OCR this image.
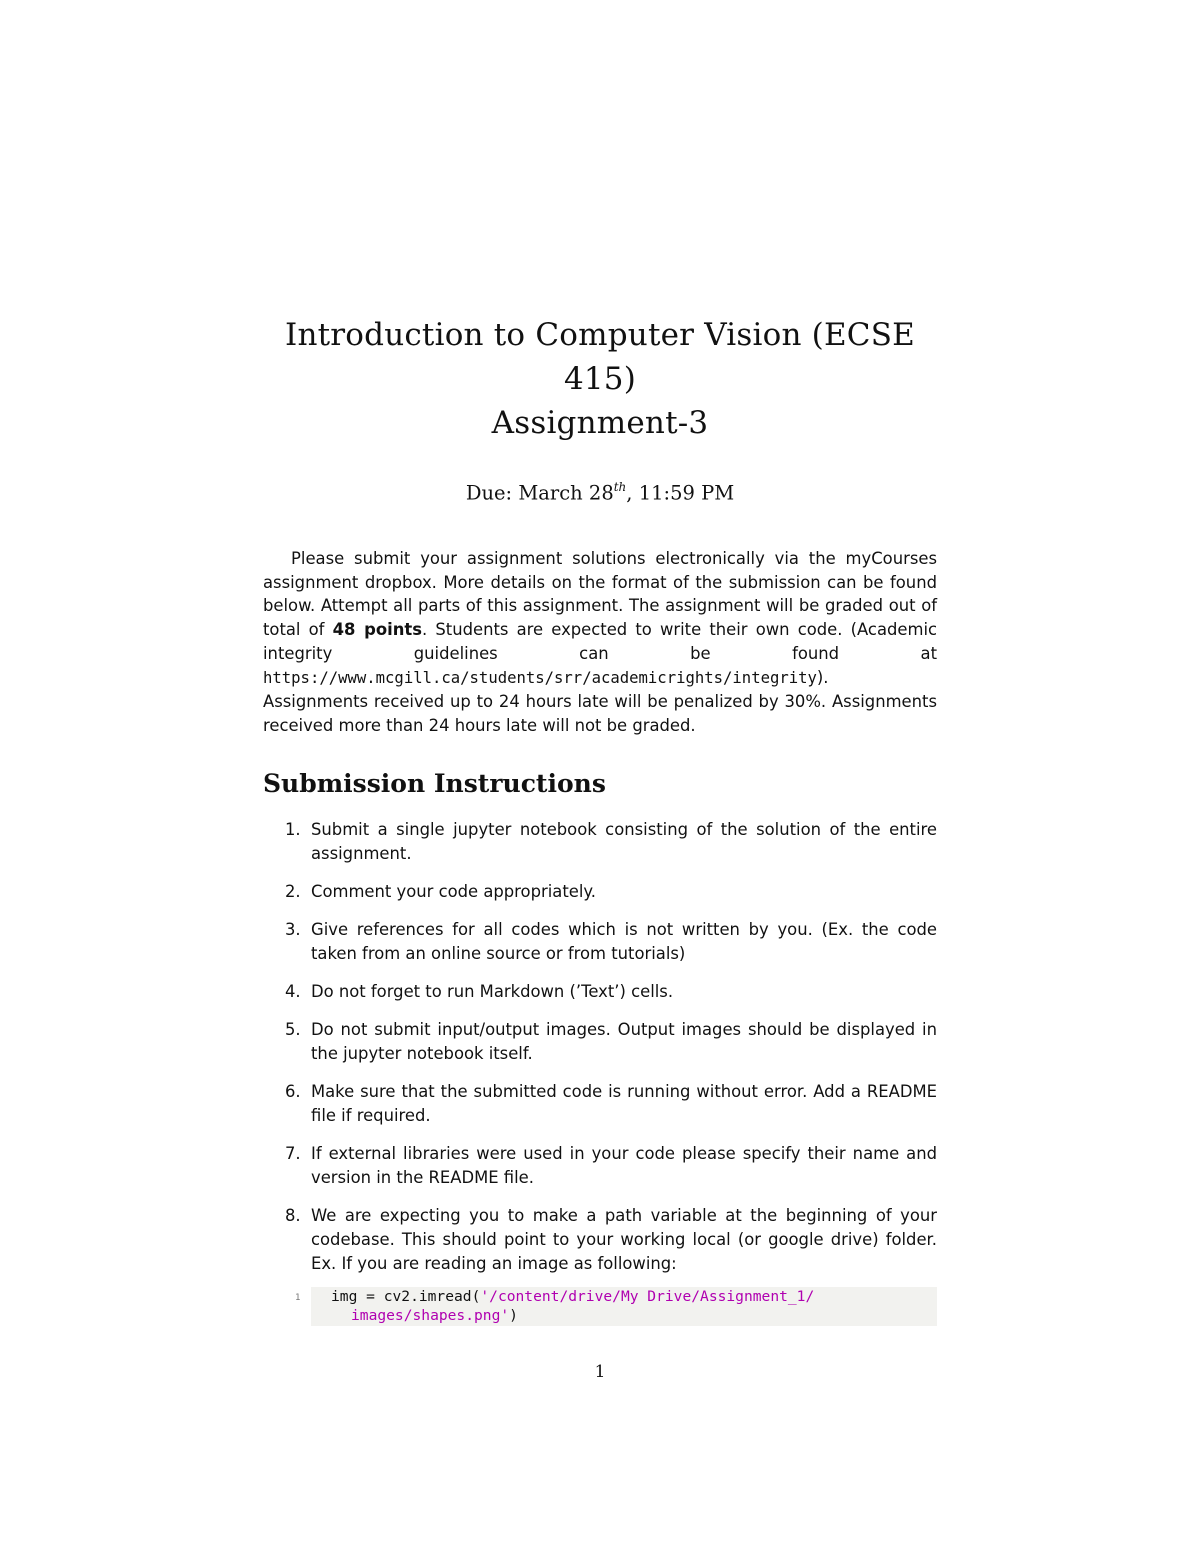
Introduction to Computer Vision (ECSE 415)
Assignment-3
Due: March 28th, 11:59 PM

Please submit your assignment solutions electronically via the myCourses assignment dropbox. More details on the format of the submission can be found below. Attempt all parts of this assignment. The assignment will be graded out of total of 48 points. Students are expected to write their own code. (Academic integrity guidelines can be found at https://www.mcgill.ca/students/srr/academicrights/integrity). Assignments received up to 24 hours late will be penalized by 30%. Assignments received more than 24 hours late will not be graded.

Submission Instructions
1. Submit a single jupyter notebook consisting of the solution of the entire assignment.
2. Comment your code appropriately.
3. Give references for all codes which is not written by you. (Ex. the code taken from an online source or from tutorials)
4. Do not forget to run Markdown (’Text’) cells.
5. Do not submit input/output images. Output images should be displayed in the jupyter notebook itself.
6. Make sure that the submitted code is running without error. Add a README file if required.
7. If external libraries were used in your code please specify their name and version in the README file.
8. We are expecting you to make a path variable at the beginning of your codebase. This should point to your working local (or google drive) folder. Ex. If you are reading an image as following:
1 img = cv2.imread('/content/drive/My Drive/Assignment_1/
images/shapes.png')
1
